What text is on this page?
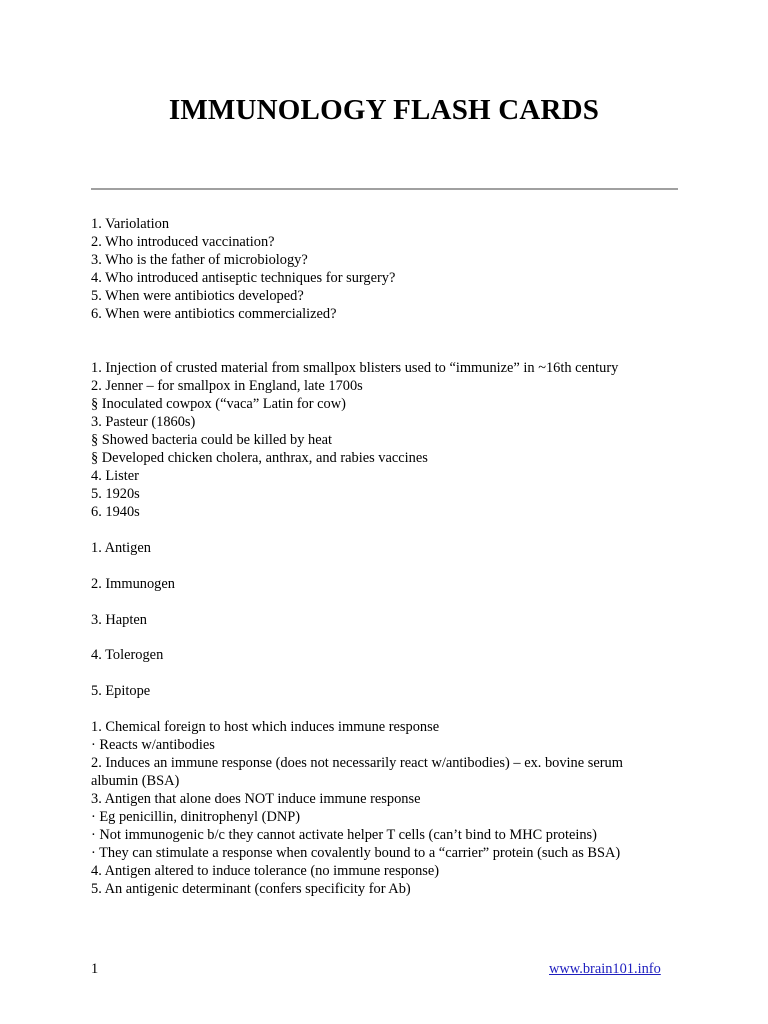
IMMUNOLOGY FLASH CARDS
1. Variolation
2. Who introduced vaccination?
3. Who is the father of microbiology?
4. Who introduced antiseptic techniques for surgery?
5. When were antibiotics developed?
6. When were antibiotics commercialized?
1. Injection of crusted material from smallpox blisters used to “immunize” in ~16th century
2. Jenner – for smallpox in England, late 1700s
§ Inoculated cowpox (“vaca” Latin for cow)
3. Pasteur (1860s)
§ Showed bacteria could be killed by heat
§ Developed chicken cholera, anthrax, and rabies vaccines
4. Lister
5. 1920s
6. 1940s
1. Antigen
2. Immunogen
3. Hapten
4. Tolerogen
5. Epitope
1. Chemical foreign to host which induces immune response
· Reacts w/antibodies
2. Induces an immune response (does not necessarily react w/antibodies) – ex. bovine serum
albumin (BSA)
3. Antigen that alone does NOT induce immune response
· Eg penicillin, dinitrophenyl (DNP)
· Not immunogenic b/c they cannot activate helper T cells (can’t bind to MHC proteins)
· They can stimulate a response when covalently bound to a “carrier” protein (such as BSA)
4. Antigen altered to induce tolerance (no immune response)
5. An antigenic determinant (confers specificity for Ab)
1	www.brain101.info
